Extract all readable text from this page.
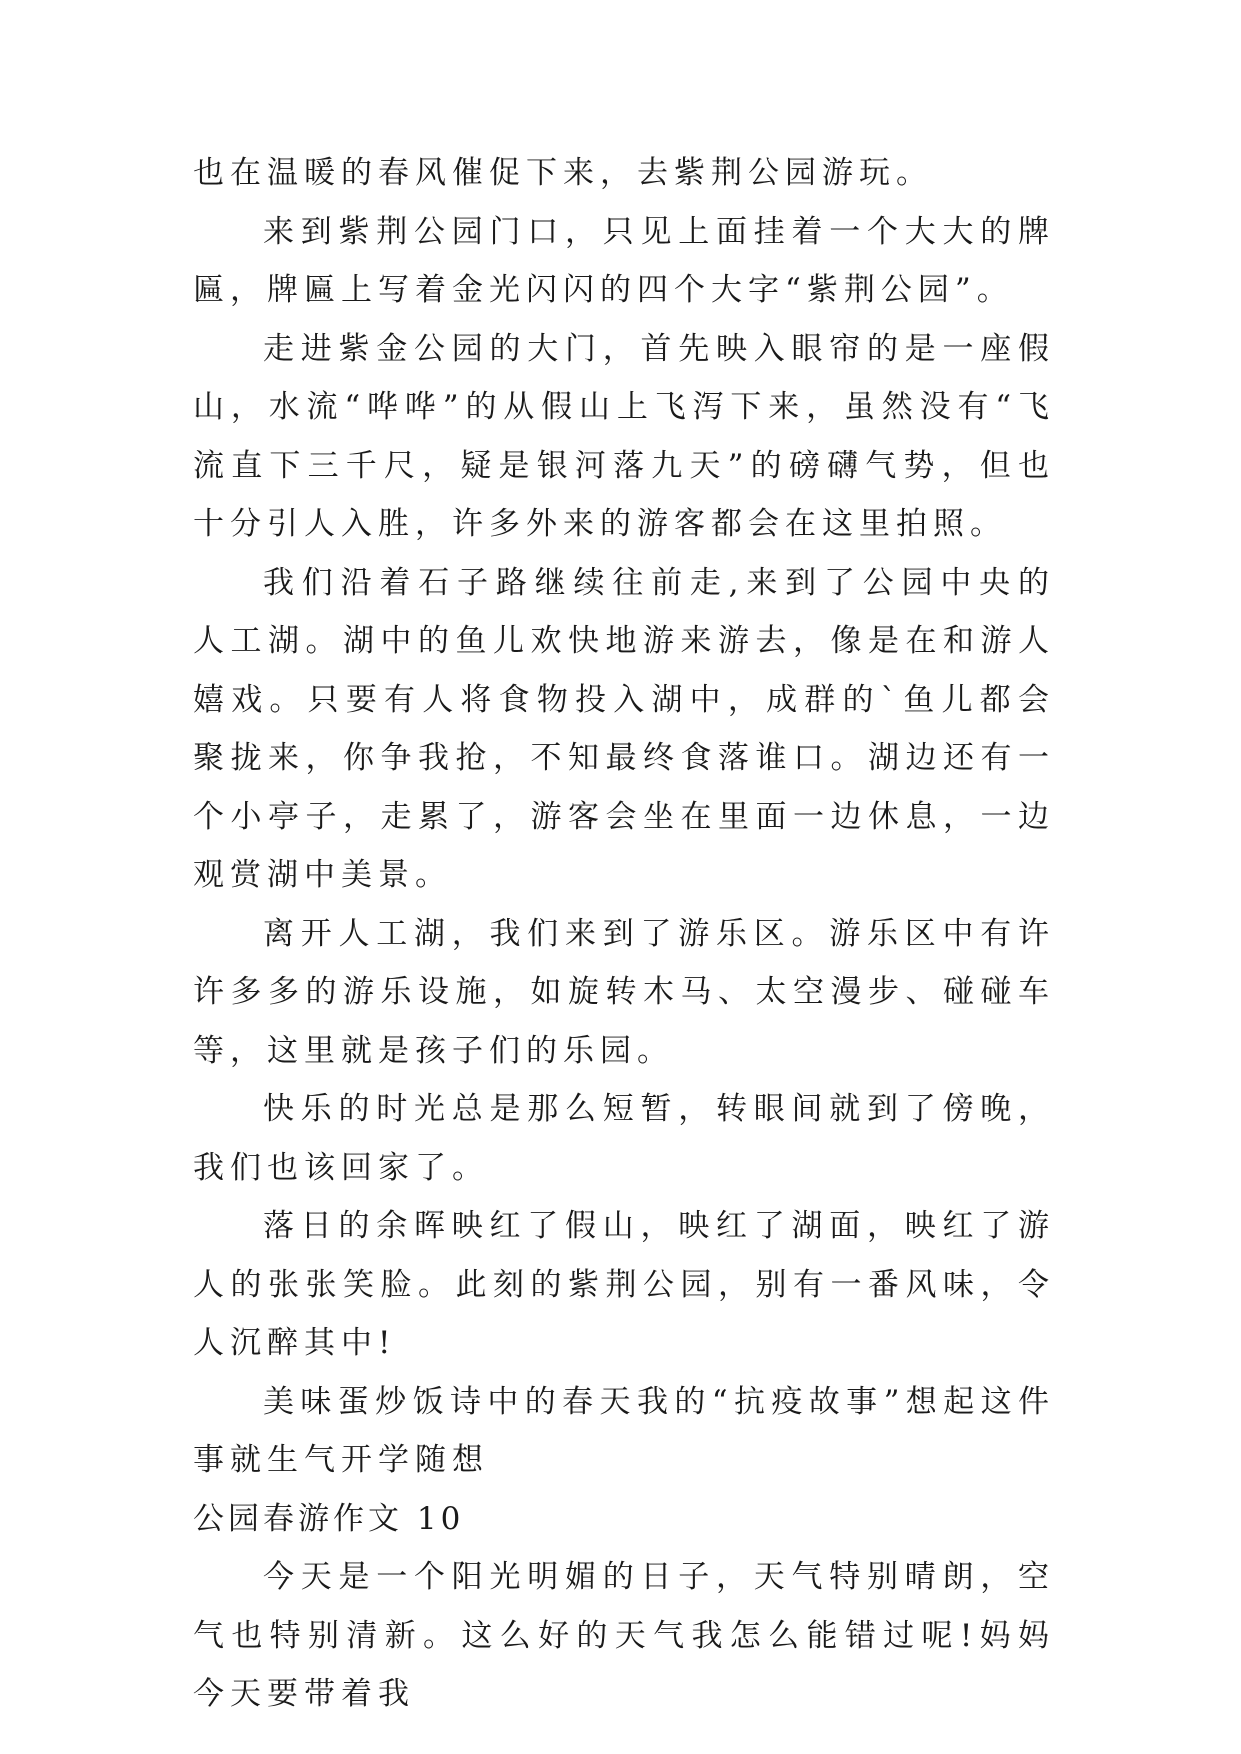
也在温暖的春风催促下来，去紫荆公园游玩。

来到紫荆公园门口，只见上面挂着一个大大的牌匾，牌匾上写着金光闪闪的四个大字“紫荆公园”。

走进紫金公园的大门，首先映入眼帘的是一座假山，水流“哗哗”的从假山上飞泻下来，虽然没有“飞流直下三千尺，疑是银河落九天”的磅礴气势，但也十分引人入胜，许多外来的游客都会在这里拍照。

我们沿着石子路继续往前走,来到了公园中央的人工湖。湖中的鱼儿欢快地游来游去，像是在和游人嬉戏。只要有人将食物投入湖中，成群的`鱼儿都会聚拢来，你争我抢，不知最终食落谁口。湖边还有一个小亭子，走累了，游客会坐在里面一边休息，一边观赏湖中美景。

离开人工湖，我们来到了游乐区。游乐区中有许许多多的游乐设施，如旋转木马、太空漫步、碰碰车等，这里就是孩子们的乐园。

快乐的时光总是那么短暂，转眼间就到了傍晚，我们也该回家了。

落日的余晖映红了假山，映红了湖面，映红了游人的张张笑脸。此刻的紫荆公园，别有一番风味，令人沉醉其中!

美味蛋炒饭诗中的春天我的“抗疫故事”想起这件事就生气开学随想

公园春游作文 10

今天是一个阳光明媚的日子，天气特别晴朗，空气也特别清新。这么好的天气我怎么能错过呢!妈妈今天要带着我
